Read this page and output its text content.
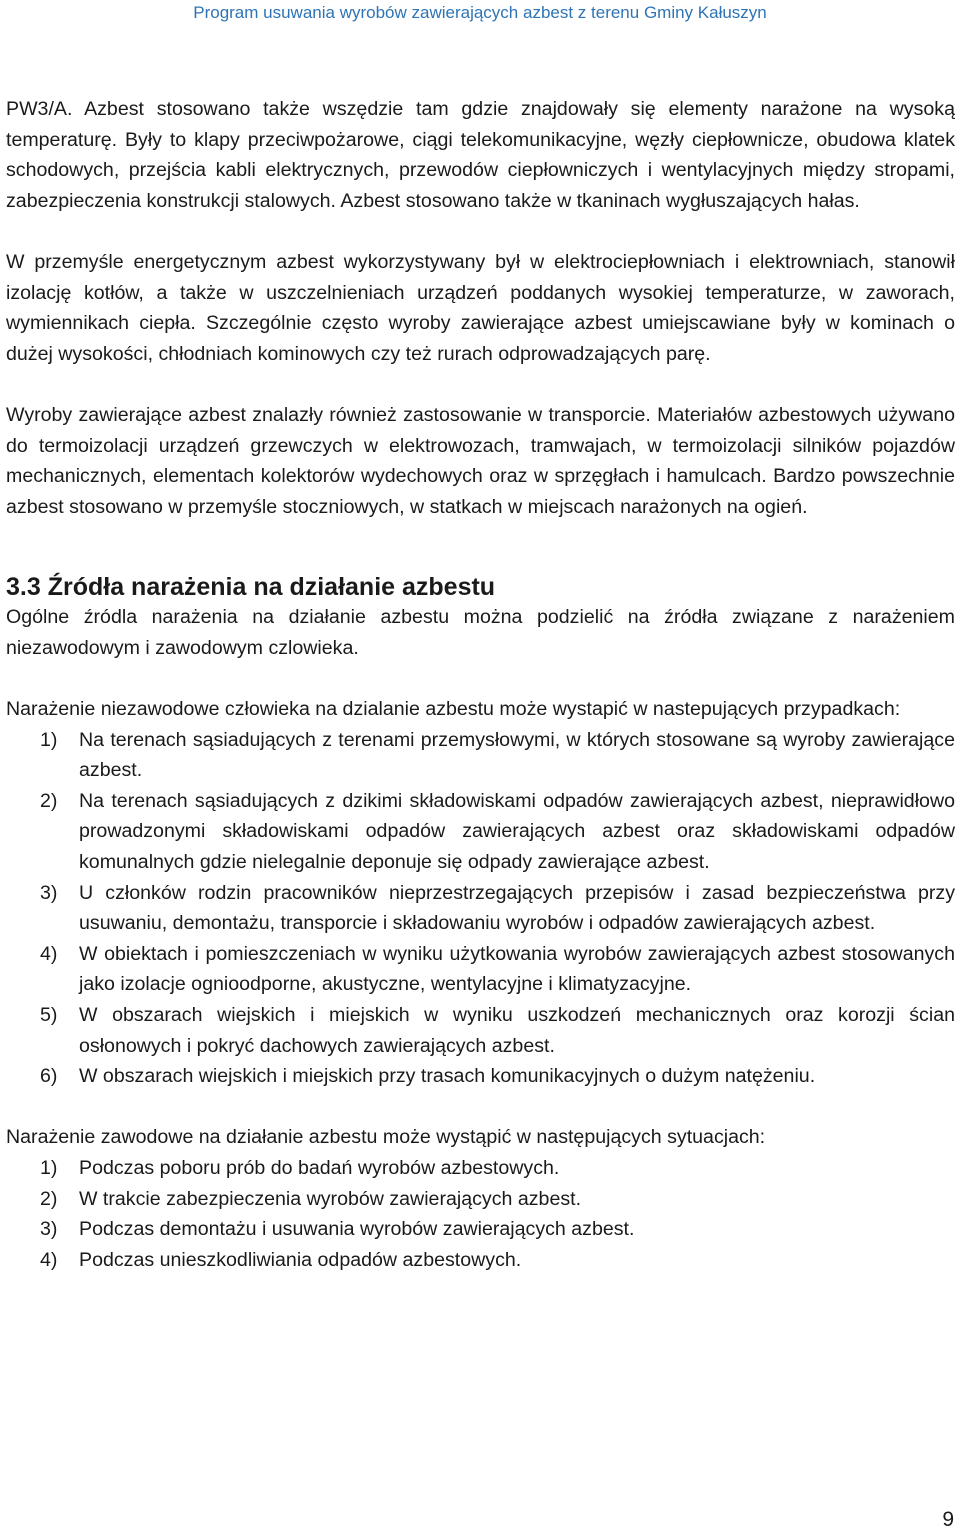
Program usuwania wyrobów zawierających azbest z terenu Gminy Kałuszyn

PW3/A. Azbest stosowano także wszędzie tam gdzie znajdowały się elementy narażone na wysoką temperaturę. Były to klapy przeciwpożarowe, ciągi telekomunikacyjne, węzły ciepłownicze, obudowa klatek schodowych, przejścia kabli elektrycznych, przewodów ciepłowniczych i wentylacyjnych między stropami, zabezpieczenia konstrukcji stalowych. Azbest stosowano także w tkaninach wygłuszających hałas.

W przemyśle energetycznym azbest wykorzystywany był w elektrociepłowniach i elektrowniach, stanowił izolację kotłów, a także w uszczelnieniach urządzeń poddanych wysokiej temperaturze, w zaworach, wymiennikach ciepła. Szczególnie często wyroby zawierające azbest umiejscawiane były w kominach o dużej wysokości, chłodniach kominowych czy też rurach odprowadzających parę.

Wyroby zawierające azbest znalazły również zastosowanie w transporcie. Materiałów azbestowych używano do termoizolacji urządzeń grzewczych w elektrowozach, tramwajach, w termoizolacji silników pojazdów mechanicznych, elementach kolektorów wydechowych oraz w sprzęgłach i hamulcach. Bardzo powszechnie azbest stosowano w przemyśle stoczniowych, w statkach w miejscach narażonych na ogień.

3.3 Źródła narażenia na działanie azbestu

Ogólne źródla narażenia na działanie azbestu można podzielić na źródła związane z narażeniem niezawodowym i zawodowym czlowieka.

Narażenie niezawodowe człowieka na dzialanie azbestu może wystapić w nastepujących przypadkach:

1) Na terenach sąsiadujących z terenami przemysłowymi, w których stosowane są wyroby zawierające azbest.
2) Na terenach sąsiadujących z dzikimi składowiskami odpadów zawierających azbest, nieprawidłowo prowadzonymi składowiskami odpadów zawierających azbest oraz składowiskami odpadów komunalnych gdzie nielegalnie deponuje się odpady zawierające azbest.
3) U członków rodzin pracowników nieprzestrzegających przepisów i zasad bezpieczeństwa przy usuwaniu, demontażu, transporcie i składowaniu wyrobów i odpadów zawierających azbest.
4) W obiektach i pomieszczeniach w wyniku użytkowania wyrobów zawierających azbest stosowanych jako izolacje ognioodporne, akustyczne, wentylacyjne i klimatyzacyjne.
5) W obszarach wiejskich i miejskich w wyniku uszkodzeń mechanicznych oraz korozji ścian osłonowych i pokryć dachowych zawierających azbest.
6) W obszarach wiejskich i miejskich przy trasach komunikacyjnych o dużym natężeniu.

Narażenie zawodowe na działanie azbestu może wystąpić w następujących sytuacjach:

1) Podczas poboru prób do badań wyrobów azbestowych.
2) W trakcie zabezpieczenia wyrobów zawierających azbest.
3) Podczas demontażu i usuwania wyrobów zawierających azbest.
4) Podczas unieszkodliwiania odpadów azbestowych.
9
